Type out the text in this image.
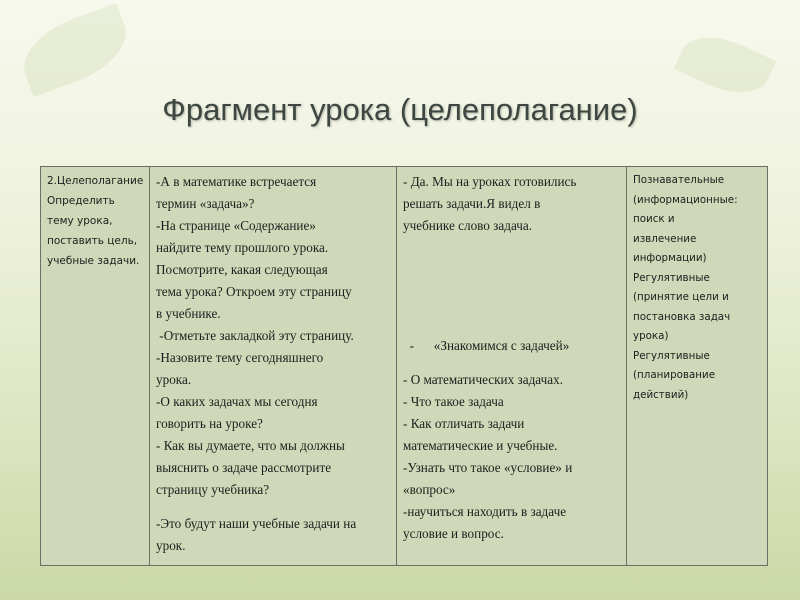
Фрагмент урока (целеполагание)
2.Целеполагание
Определить
тему урока,
поставить цель,
учебные задачи.

-А в математике встречается
термин «задача»?
-На странице «Содержание»
найдите тему прошлого урока.
Посмотрите, какая следующая
тема урока? Откроем эту страницу
в учебнике.
-Отметьте закладкой эту страницу.
-Назовите тему сегодняшнего
урока.
-О каких задачах мы сегодня
говорить на уроке?
- Как вы думаете, что мы должны
выяснить о задаче рассмотрите
страницу учебника?
-Это будут наши учебные задачи на
урок.

- Да. Мы на уроках готовились
решать задачи.Я видел в
учебнике слово задача.
-      «Знакомимся с задачей»
- О математических задачах.
- Что такое задача
- Как отличать задачи
математические и учебные.
-Узнать что такое «условие» и
«вопрос»
-научиться находить в задаче
условие и вопрос.

Познавательные
(информационные:
поиск и
извлечение
информации)
Регулятивные
(принятие цели и
постановка задач
урока)
Регулятивные
(планирование
действий)
